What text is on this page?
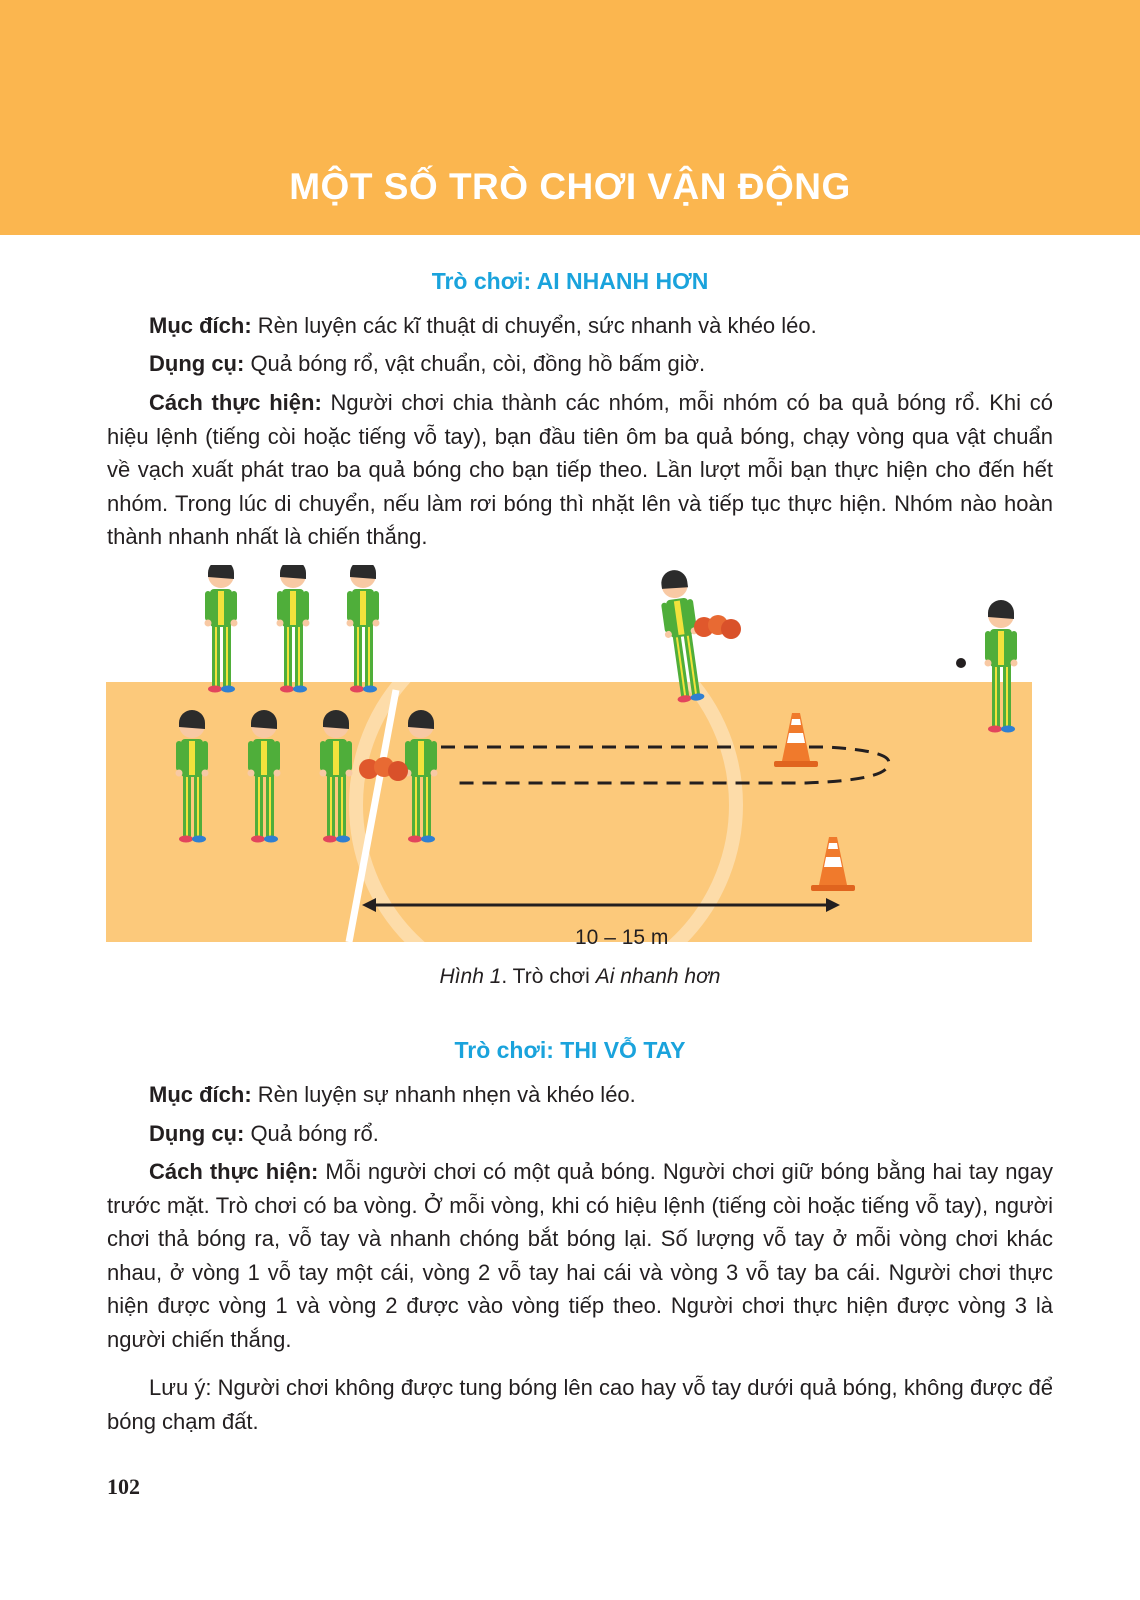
MỘT SỐ TRÒ CHƠI VẬN ĐỘNG
Trò chơi: AI NHANH HƠN

Mục đích: Rèn luyện các kĩ thuật di chuyển, sức nhanh và khéo léo.

Dụng cụ: Quả bóng rổ, vật chuẩn, còi, đồng hồ bấm giờ.

Cách thực hiện: Người chơi chia thành các nhóm, mỗi nhóm có ba quả bóng rổ. Khi có hiệu lệnh (tiếng còi hoặc tiếng vỗ tay), bạn đầu tiên ôm ba quả bóng, chạy vòng qua vật chuẩn về vạch xuất phát trao ba quả bóng cho bạn tiếp theo. Lần lượt mỗi bạn thực hiện cho đến hết nhóm. Trong lúc di chuyển, nếu làm rơi bóng thì nhặt lên và tiếp tục thực hiện. Nhóm nào hoàn thành nhanh nhất là chiến thắng.

10 – 15 m
Hình 1. Trò chơi Ai nhanh hơn
Trò chơi: THI VỖ TAY

Mục đích: Rèn luyện sự nhanh nhẹn và khéo léo.

Dụng cụ: Quả bóng rổ.

Cách thực hiện: Mỗi người chơi có một quả bóng. Người chơi giữ bóng bằng hai tay ngay trước mặt. Trò chơi có ba vòng. Ở mỗi vòng, khi có hiệu lệnh (tiếng còi hoặc tiếng vỗ tay), người chơi thả bóng ra, vỗ tay và nhanh chóng bắt bóng lại. Số lượng vỗ tay ở mỗi vòng chơi khác nhau, ở vòng 1 vỗ tay một cái, vòng 2 vỗ tay hai cái và vòng 3 vỗ tay ba cái. Người chơi thực hiện được vòng 1 và vòng 2 được vào vòng tiếp theo. Người chơi thực hiện được vòng 3 là người chiến thắng.

Lưu ý: Người chơi không được tung bóng lên cao hay vỗ tay dưới quả bóng, không được để bóng chạm đất.

102
